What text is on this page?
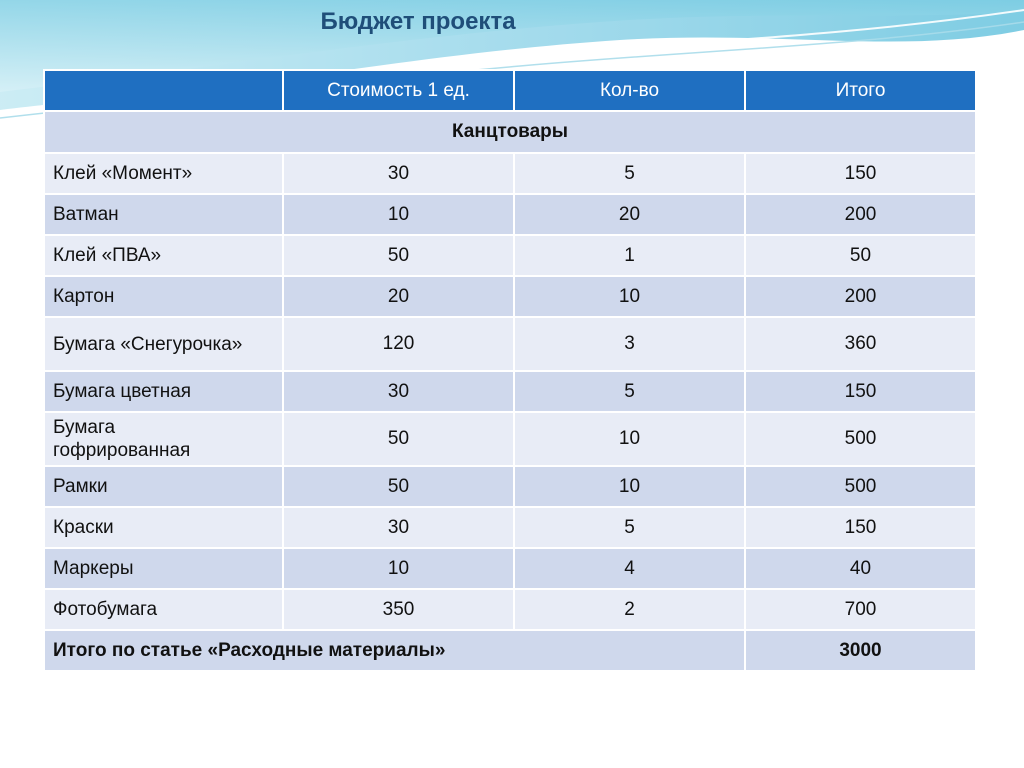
Бюджет проекта
	Стоимость 1 ед.	Кол-во	Итого
Канцтовары			
Клей «Момент»	30	5	150
Ватман	10	20	200
Клей «ПВА»	50	1	50
Картон	20	10	200

Бумага «Снегурочка»	120	3	360
Бумага цветная	30	5	150

Бумага гофрированная	50	10	500
Рамки	50	10	500
Краски	30	5	150
Маркеры	10	4	40
Фотобумага	350	2	700
Итого по статье «Расходные материалы»			3000
